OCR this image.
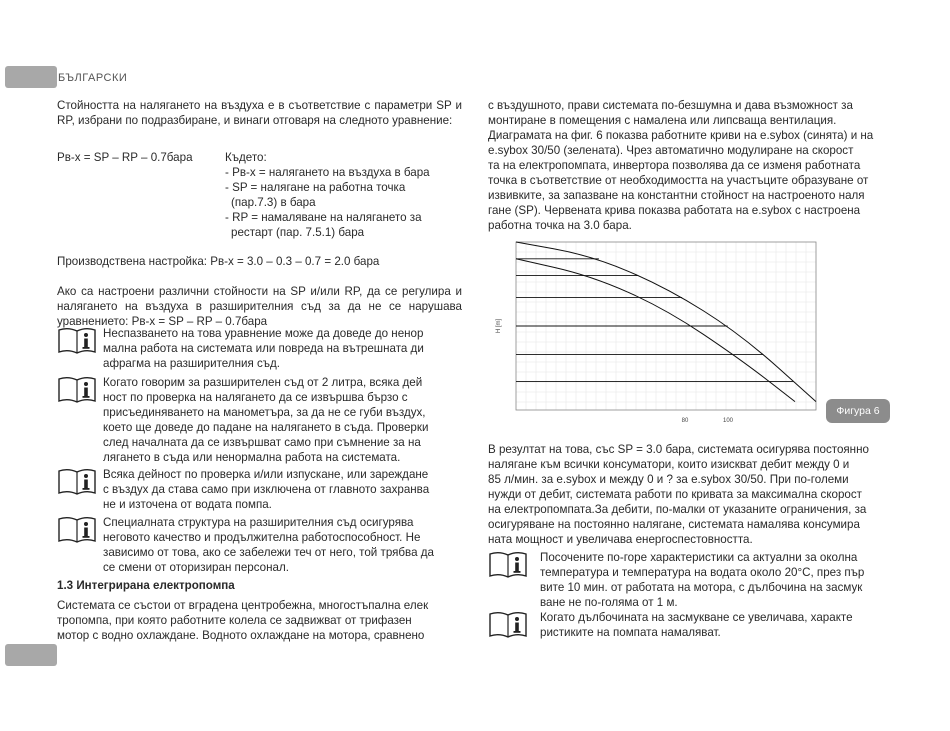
БЪЛГАРСКИ

Стойността на налягането на въздуха е в съответствие с параметри SP и RP, избрани по подразбиране, и винаги отговаря на следното уравнение:

Pв-x = SP – RP – 0.7бара	Където:
- Pв-x = налягането на въздуха в бара
- SP = налягане на работна точка
(пар.7.3) в бара
- RP = намаляване на налягането за
рестарт (пар. 7.5.1) бара
Производствена настройка: Pв-x = 3.0 – 0.3 – 0.7 = 2.0 бара

Ако са настроени различни стойности на SP и/или RP, да се регулира и налягането на въздуха в разширителния съд за да не се нарушава уравнението: Pв-x = SP – RP – 0.7бара

Неспазването на това уравнение може да доведе до ненор
мална работа на системата или повреда на вътрешната ди
афрагма на разширителния съд.
Когато говорим за разширителен съд от 2 литра, всяка дей
ност по проверка на налягането да се извършва бързо с
присъединяването на манометъра, за да не се губи въздух,
което ще доведе до падане на налягането в съда. Проверки
след началната да се извършват само при съмнение за на
лягането в съда или ненормална работа на системата.
Всяка дейност по проверка и/или изпускане, или зареждане
с въздух да става само при изключена от главното захранва
не и източена от водата помпа.
Специалната структура на разширителния съд осигурява
неговото качество и продължителна работоспособност. Не
зависимо от това, ако се забележи теч от него, той трябва да
се смени от оторизиран персонал.
1.3 Интегрирана електропомпа
Системата се състои от вградена центробежна, многостъпална елек
тропомпа, при която работните колела се задвижват от трифазен
мотор с водно охлаждане. Водното охлаждане на мотора, сравнено
с въздушното, прави системата по-безшумна и дава възможност за
монтиране в помещения с намалена или липсваща вентилация.
Диаграмата на фиг. 6 показва работните криви на e.sybox (синята) и на
e.sybox 30/50 (зелената). Чрез автоматично модулиране на скорост
та на електропомпата, инвертора позволява да се изменя работната
точка в съответствие от необходимостта на участъците образуване от
извивките, за запазване на константни стойност на настроеното наля
гане (SP). Червената крива показва работата на e.sybox с настроена
работна точка на 3.0 бара.
В резултат на това, със SP = 3.0 бара, системата осигурява постоянно
налягане към всички консуматори, които изискват дебит между 0 и
85 л/мин. за e.sybox и между 0 и ? за e.sybox 30/50. При по-големи
нужди от дебит, системата работи по кривата за максимална скорост
на електропомпата.За дебити, по-малки от указаните ограничения, за
осигуряване на постоянно налягане, системата намалява консумира
ната мощност и увеличава енергоспестовността.
Посочените по-горе характеристики са актуални за околна
температура и температура на водата около 20°C, през пър
вите 10 мин. от работата на мотора, с дълбочина на засмук
ване не по-голяма от 1 м.
Когато дълбочината на засмукване се увеличава, характе
ристиките на помпата намаляват.
H [m]
80	100
Фигура 6
